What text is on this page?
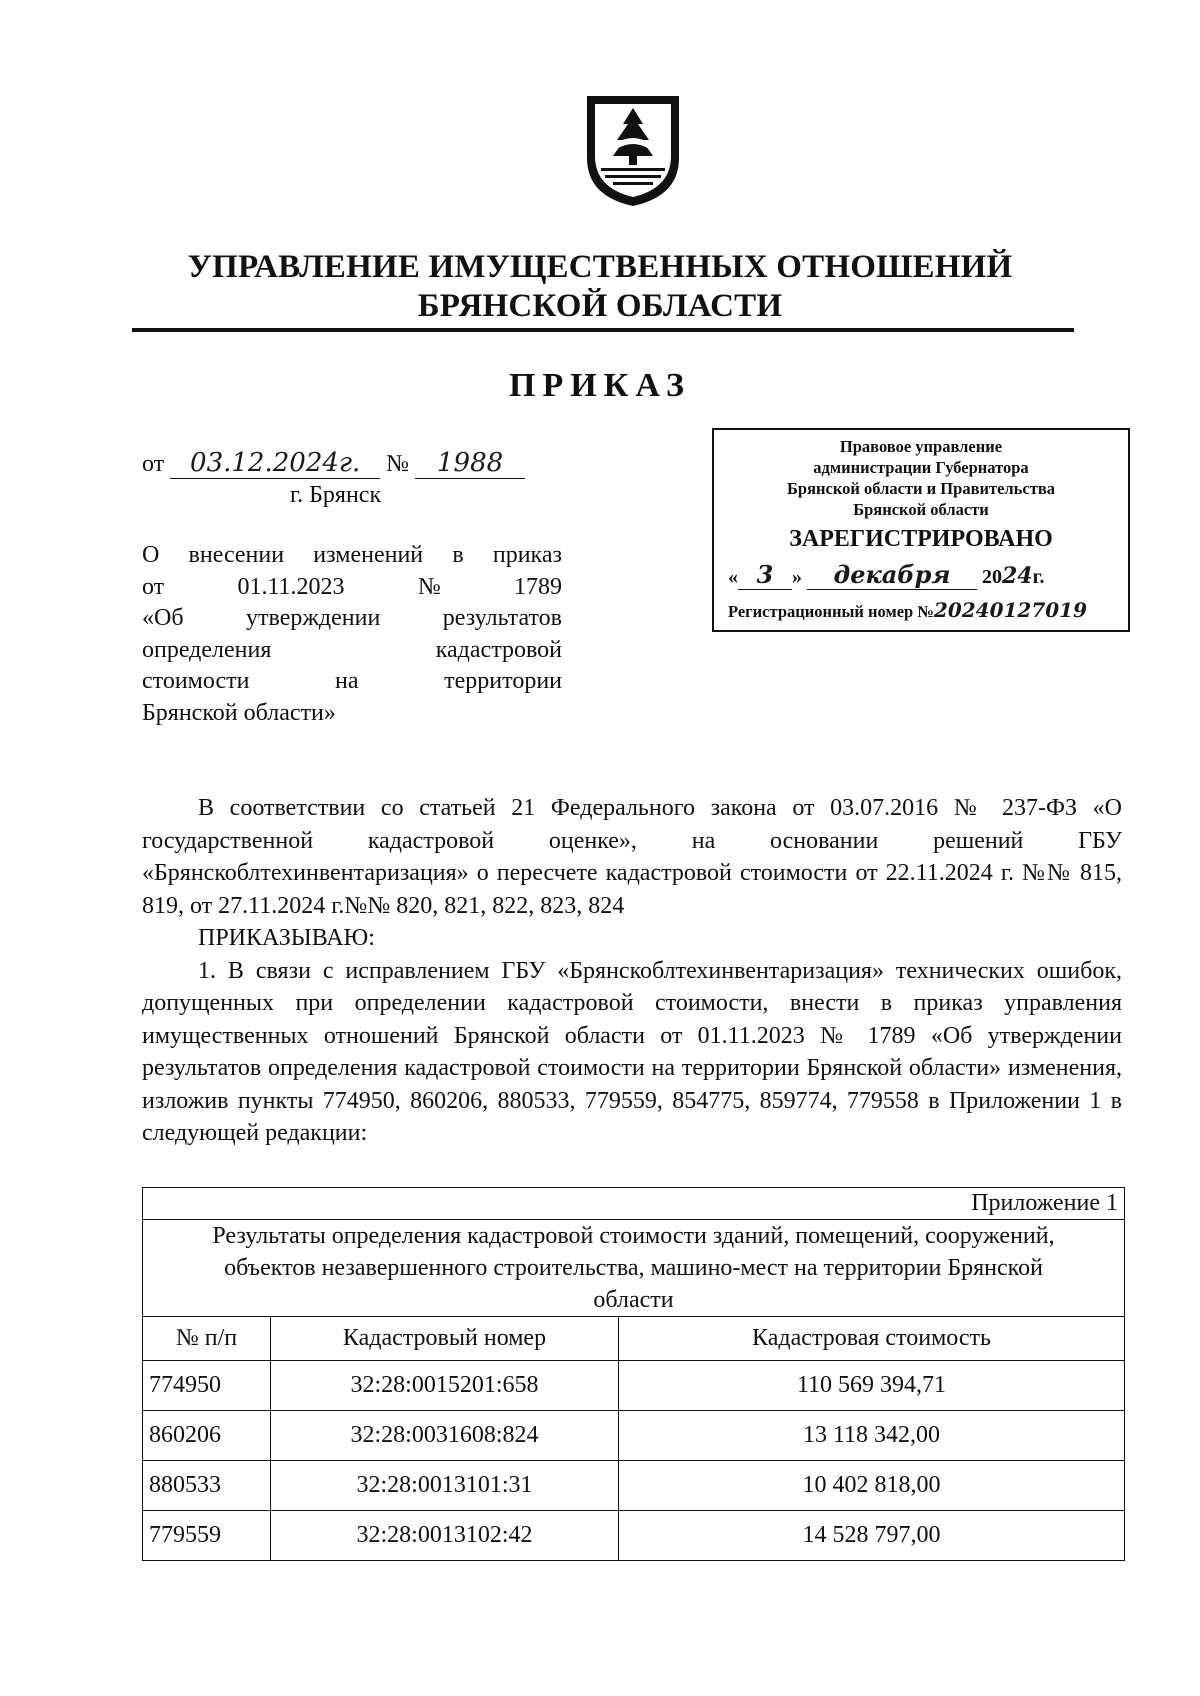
УПРАВЛЕНИЕ ИМУЩЕСТВЕННЫХ ОТНОШЕНИЙ
БРЯНСКОЙ ОБЛАСТИ
ПРИКАЗ
от 03.12.2024г. № 1988
г. Брянск
Правовое управление
администрации Губернатора
Брянской области и Правительства
Брянской области
ЗАРЕГИСТРИРОВАНО
« 3 » декабря 2024г.
Регистрационный номер №20240127019
О внесении изменений в приказ
от	01.11.2023	№	1789
«Об	утверждении	результатов
определения	кадастровой
стоимости	на	территории
Брянской области»

В соответствии со статьей 21 Федерального закона от 03.07.2016 № 237-ФЗ «О государственной кадастровой оценке», на основании решений ГБУ «Брянскоблтехинвентаризация» о пересчете кадастровой стоимости от 22.11.2024 г. №№ 815, 819, от 27.11.2024 г.№№ 820, 821, 822, 823, 824

ПРИКАЗЫВАЮ:

1. В связи с исправлением ГБУ «Брянскоблтехинвентаризация» технических ошибок, допущенных при определении кадастровой стоимости, внести в приказ управления имущественных отношений Брянской области от 01.11.2023 № 1789 «Об утверждении результатов определения кадастровой стоимости на территории Брянской области» изменения, изложив пункты 774950, 860206, 880533, 779559, 854775, 859774, 779558 в Приложении 1 в следующей редакции:

Приложение 1		
Результаты определения кадастровой стоимости зданий, помещений, сооружений, объектов незавершенного строительства, машино-мест на территории Брянской области		
№ п/п	Кадастровый номер	Кадастровая стоимость
774950	32:28:0015201:658	110 569 394,71
860206	32:28:0031608:824	13 118 342,00
880533	32:28:0013101:31	10 402 818,00
779559	32:28:0013102:42	14 528 797,00
